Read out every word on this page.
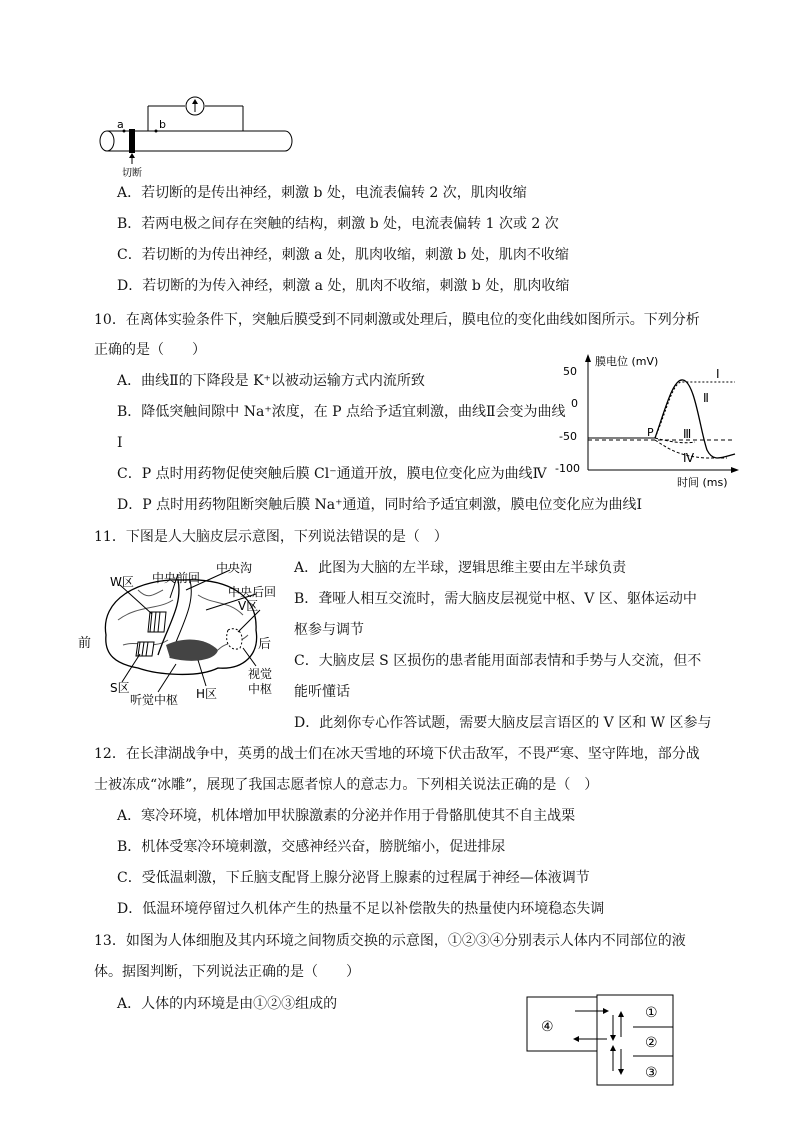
a	b
切断
A．若切断的是传出神经，刺激 b 处，电流表偏转 2 次，肌肉收缩
B．若两电极之间存在突触的结构，刺激 b 处，电流表偏转 1 次或 2 次
C．若切断的为传出神经，刺激 a 处，肌肉收缩，刺激 b 处，肌肉不收缩
D．若切断的为传入神经，刺激 a 处，肌肉不收缩，刺激 b 处，肌肉收缩
10．在离体实验条件下，突触后膜受到不同刺激或处理后，膜电位的变化曲线如图所示。下列分析
正确的是（　　）
A．曲线Ⅱ的下降段是 K⁺以被动运输方式内流所致
B．降低突触间隙中 Na⁺浓度，在 P 点给予适宜刺激，曲线Ⅱ会变为曲线
Ⅰ
C．P 点时用药物促使突触后膜 Cl⁻通道开放，膜电位变化应为曲线Ⅳ
D．P 点时用药物阻断突触后膜 Na⁺通道，同时给予适宜刺激，膜电位变化应为曲线Ⅰ
膜电位 (mV)
时间 (ms)
50
0
-50
-100
P
Ⅰ
Ⅱ
Ⅲ
Ⅳ
11．下图是人大脑皮层示意图，下列说法错误的是（　）
W区 中央前回
中央沟
中央后回
V区
前	后
S区
听觉中枢 H区
视觉
中枢
A．此图为大脑的左半球，逻辑思维主要由左半球负责
B．聋哑人相互交流时，需大脑皮层视觉中枢、V 区、躯体运动中
枢参与调节
C．大脑皮层 S 区损伤的患者能用面部表情和手势与人交流，但不
能听懂话
D．此刻你专心作答试题，需要大脑皮层言语区的 V 区和 W 区参与
12．在长津湖战争中，英勇的战士们在冰天雪地的环境下伏击敌军，不畏严寒、坚守阵地，部分战
士被冻成“冰雕”，展现了我国志愿者惊人的意志力。下列相关说法正确的是（　）
A．寒冷环境，机体增加甲状腺激素的分泌并作用于骨骼肌使其不自主战栗
B．机体受寒冷环境刺激，交感神经兴奋，膀胱缩小，促进排尿
C．受低温刺激，下丘脑支配肾上腺分泌肾上腺素的过程属于神经—体液调节
D．低温环境停留过久机体产生的热量不足以补偿散失的热量使内环境稳态失调
13．如图为人体细胞及其内环境之间物质交换的示意图，①②③④分别表示人体内不同部位的液
体。据图判断，下列说法正确的是（　　）
A．人体的内环境是由①②③组成的
④
①
②
③
